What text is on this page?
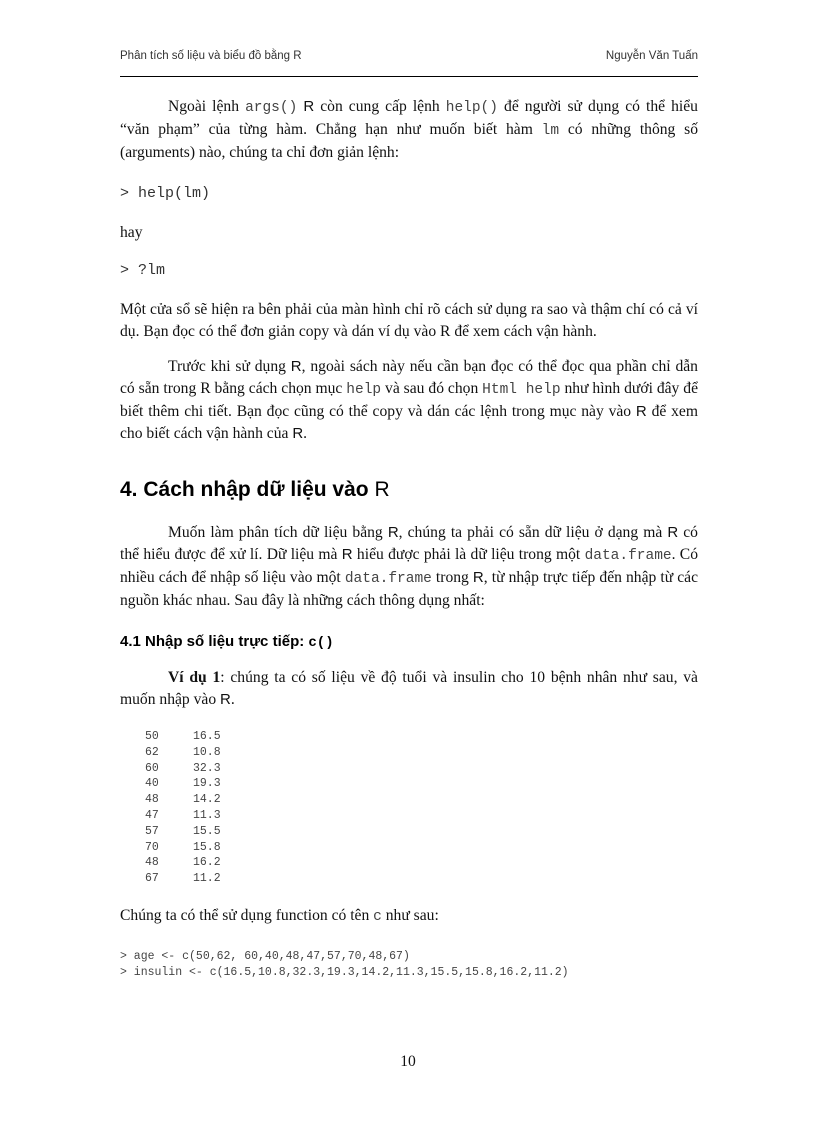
Phân tích số liệu và biểu đồ bằng R	Nguyễn Văn Tuấn

Ngoài lệnh args() R còn cung cấp lệnh help() để người sử dụng có thể hiểu “văn phạm” của từng hàm. Chẳng hạn như muốn biết hàm lm có những thông số (arguments) nào, chúng ta chỉ đơn giản lệnh:

> help(lm)

hay

> ?lm

Một cửa sổ sẽ hiện ra bên phải của màn hình chỉ rõ cách sử dụng ra sao và thậm chí có cả ví dụ. Bạn đọc có thể đơn giản copy và dán ví dụ vào R để xem cách vận hành.

Trước khi sử dụng R, ngoài sách này nếu cần bạn đọc có thể đọc qua phần chỉ dẫn có sẵn trong R bằng cách chọn mục help và sau đó chọn Html help như hình dưới đây để biết thêm chi tiết. Bạn đọc cũng có thể copy và dán các lệnh trong mục này vào R để xem cho biết cách vận hành của R.

4. Cách nhập dữ liệu vào R

Muốn làm phân tích dữ liệu bằng R, chúng ta phải có sẵn dữ liệu ở dạng mà R có thể hiểu được để xử lí. Dữ liệu mà R hiểu được phải là dữ liệu trong một data.frame. Có nhiều cách để nhập số liệu vào một data.frame trong R, từ nhập trực tiếp đến nhập từ các nguồn khác nhau. Sau đây là những cách thông dụng nhất:

4.1 Nhập số liệu trực tiếp: c()

Ví dụ 1: chúng ta có số liệu về độ tuổi và insulin cho 10 bệnh nhân như sau, và muốn nhập vào R.

50	16.5
62	10.8
60	32.3
40	19.3
48	14.2
47	11.3
57	15.5
70	15.8
48	16.2
67	11.2

Chúng ta có thể sử dụng function có tên c như sau:

> age <- c(50,62, 60,40,48,47,57,70,48,67)
> insulin <- c(16.5,10.8,32.3,19.3,14.2,11.3,15.5,15.8,16.2,11.2)
10
